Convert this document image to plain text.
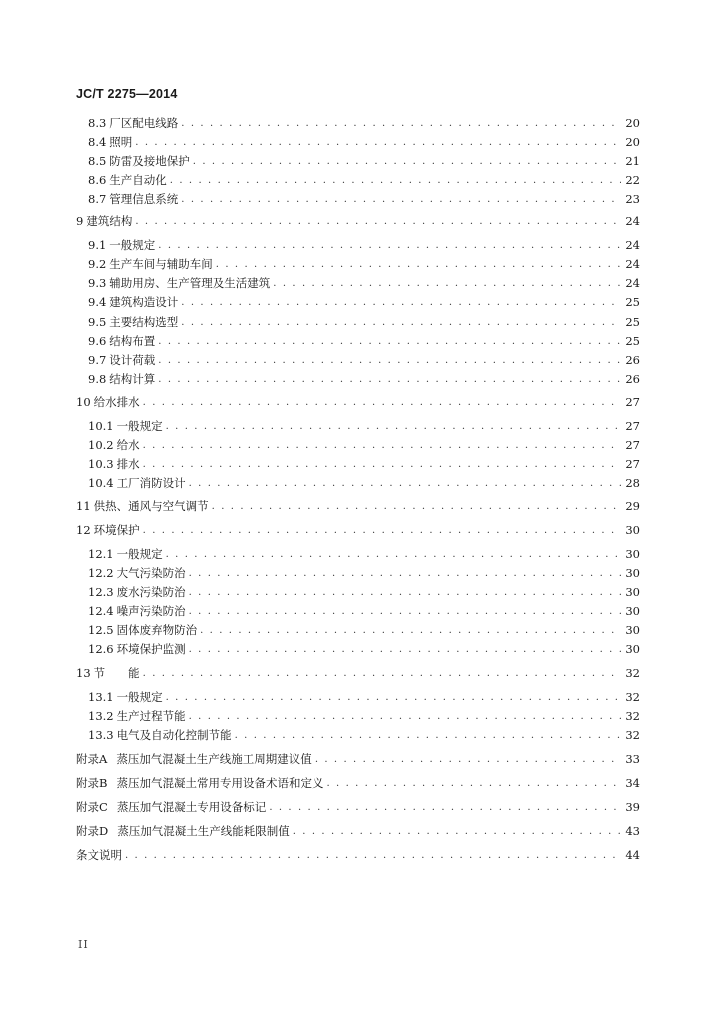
JC/T 2275—2014
8.3 厂区配电线路 . . .	20
8.4 照明 . . .	20
8.5 防雷及接地保护 . . .	21
8.6 生产自动化 . . .	22
8.7 管理信息系统 . . .	23
9 建筑结构 . . .	24
9.1 一般规定 . . .	24
9.2 生产车间与辅助车间 . . .	24
9.3 辅助用房、生产管理及生活建筑 . . .	24
9.4 建筑构造设计 . . .	25
9.5 主要结构选型 . . .	25
9.6 结构布置 . . .	25
9.7 设计荷载 . . .	26
9.8 结构计算 . . .	26
10 给水排水 . . .	27
10.1 一般规定 . . .	27
10.2 给水 . . .	27
10.3 排水 . . .	27
10.4 工厂消防设计 . . .	28
11 供热、通风与空气调节 . . .	29
12 环境保护 . . .	30
12.1 一般规定 . . .	30
12.2 大气污染防治 . . .	30
12.3 废水污染防治 . . .	30
12.4 噪声污染防治 . . .	30
12.5 固体废弃物防治 . . .	30
12.6 环境保护监测 . . .	30
13 节　　能 . . .	32
13.1 一般规定 . . .	32
13.2 生产过程节能 . . .	32
13.3 电气及自动化控制节能 . . .	32
附录A 蒸压加气混凝土生产线施工周期建议值 . . .	33
附录B 蒸压加气混凝土常用专用设备术语和定义 . . .	34
附录C 蒸压加气混凝土专用设备标记 . . .	39
附录D 蒸压加气混凝土生产线能耗限制值 . . .	43
条文说明 . . .	44
II
